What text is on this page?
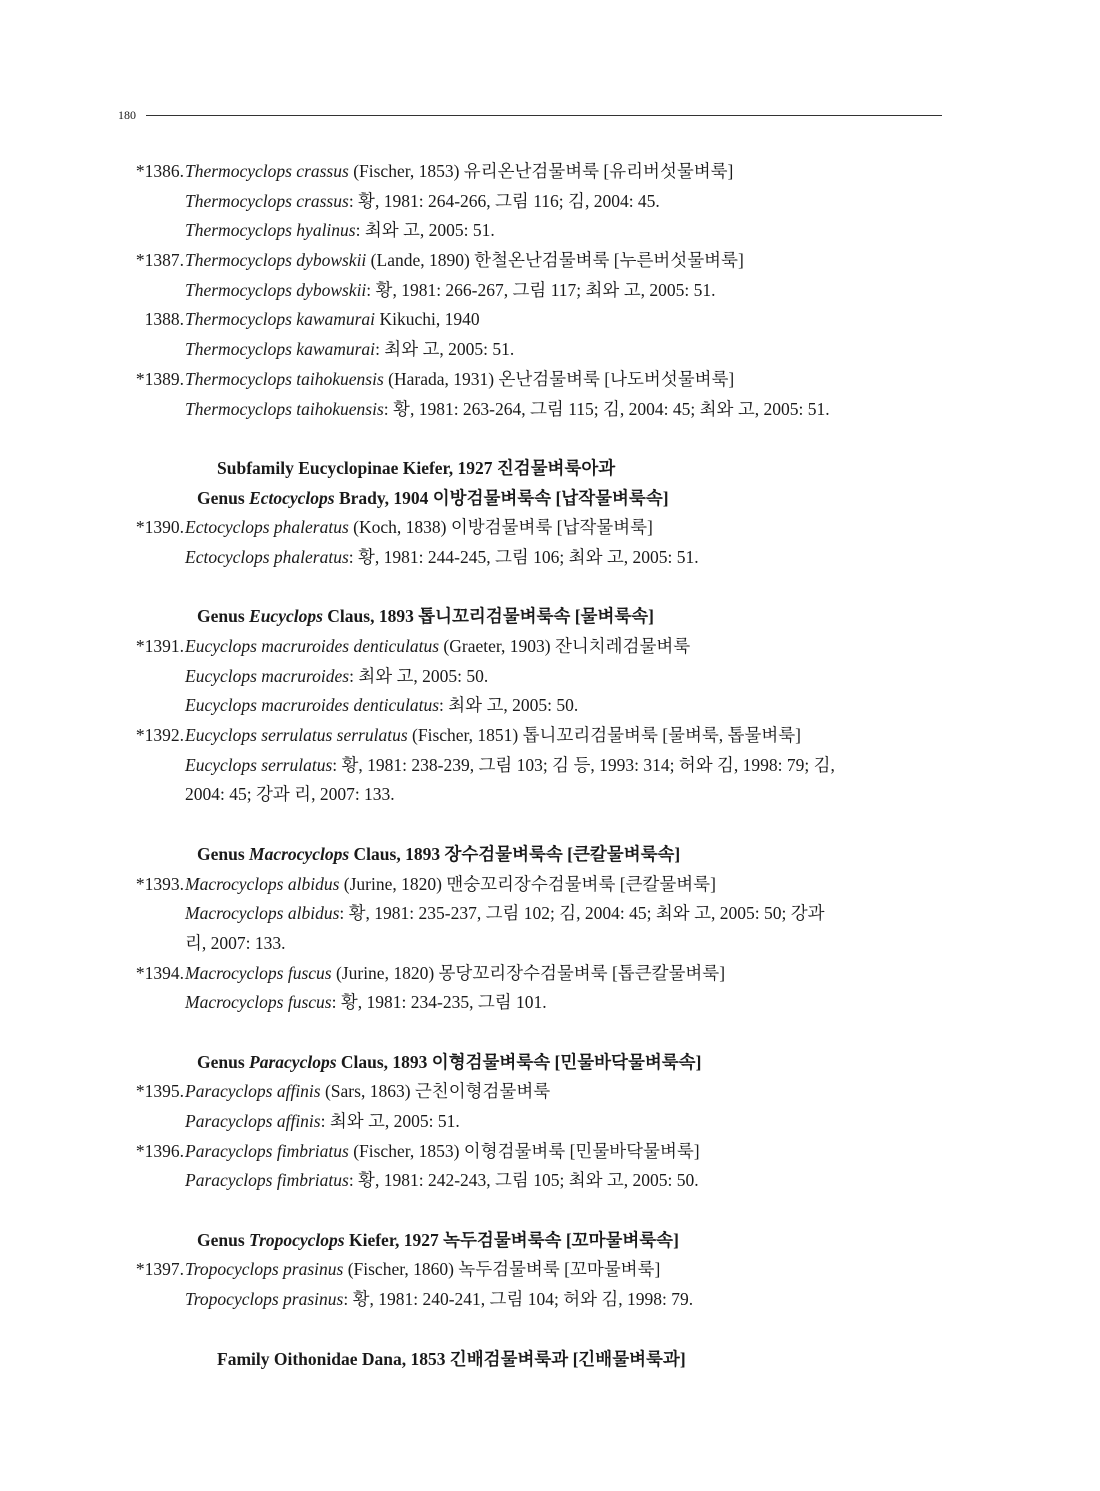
180
*1386. Thermocyclops crassus (Fischer, 1853) 유리온난검물벼룩 [유리버섯물벼룩]
Thermocyclops crassus: 황, 1981: 264-266, 그림 116; 김, 2004: 45.
Thermocyclops hyalinus: 최와 고, 2005: 51.
*1387. Thermocyclops dybowskii (Lande, 1890) 한철온난검물벼룩 [누른버섯물벼룩]
Thermocyclops dybowskii: 황, 1981: 266-267, 그림 117; 최와 고, 2005: 51.
1388. Thermocyclops kawamurai Kikuchi, 1940
Thermocyclops kawamurai: 최와 고, 2005: 51.
*1389. Thermocyclops taihokuensis (Harada, 1931) 온난검물벼룩 [나도버섯물벼룩]
Thermocyclops taihokuensis: 황, 1981: 263-264, 그림 115; 김, 2004: 45; 최와 고, 2005: 51.
Subfamily Eucyclopinae Kiefer, 1927 진검물벼룩아과
Genus Ectocyclops Brady, 1904 이방검물벼룩속 [납작물벼룩속]
*1390. Ectocyclops phaleratus (Koch, 1838) 이방검물벼룩 [납작물벼룩]
Ectocyclops phaleratus: 황, 1981: 244-245, 그림 106; 최와 고, 2005: 51.
Genus Eucyclops Claus, 1893 톱니꼬리검물벼룩속 [물벼룩속]
*1391. Eucyclops macruroides denticulatus (Graeter, 1903) 잔니치레검물벼룩
Eucyclops macruroides: 최와 고, 2005: 50.
Eucyclops macruroides denticulatus: 최와 고, 2005: 50.
*1392. Eucyclops serrulatus serrulatus (Fischer, 1851) 톱니꼬리검물벼룩 [물벼룩, 톱물벼룩]
Eucyclops serrulatus: 황, 1981: 238-239, 그림 103; 김 등, 1993: 314; 허와 김, 1998: 79; 김,
2004: 45; 강과 리, 2007: 133.
Genus Macrocyclops Claus, 1893 장수검물벼룩속 [큰칼물벼룩속]
*1393. Macrocyclops albidus (Jurine, 1820) 맨숭꼬리장수검물벼룩 [큰칼물벼룩]
Macrocyclops albidus: 황, 1981: 235-237, 그림 102; 김, 2004: 45; 최와 고, 2005: 50; 강과
리, 2007: 133.
*1394. Macrocyclops fuscus (Jurine, 1820) 몽당꼬리장수검물벼룩 [톱큰칼물벼룩]
Macrocyclops fuscus: 황, 1981: 234-235, 그림 101.
Genus Paracyclops Claus, 1893 이형검물벼룩속 [민물바닥물벼룩속]
*1395. Paracyclops affinis (Sars, 1863) 근친이형검물벼룩
Paracyclops affinis: 최와 고, 2005: 51.
*1396. Paracyclops fimbriatus (Fischer, 1853) 이형검물벼룩 [민물바닥물벼룩]
Paracyclops fimbriatus: 황, 1981: 242-243, 그림 105; 최와 고, 2005: 50.
Genus Tropocyclops Kiefer, 1927 녹두검물벼룩속 [꼬마물벼룩속]
*1397. Tropocyclops prasinus (Fischer, 1860) 녹두검물벼룩 [꼬마물벼룩]
Tropocyclops prasinus: 황, 1981: 240-241, 그림 104; 허와 김, 1998: 79.
Family Oithonidae Dana, 1853 긴배검물벼룩과 [긴배물벼룩과]
